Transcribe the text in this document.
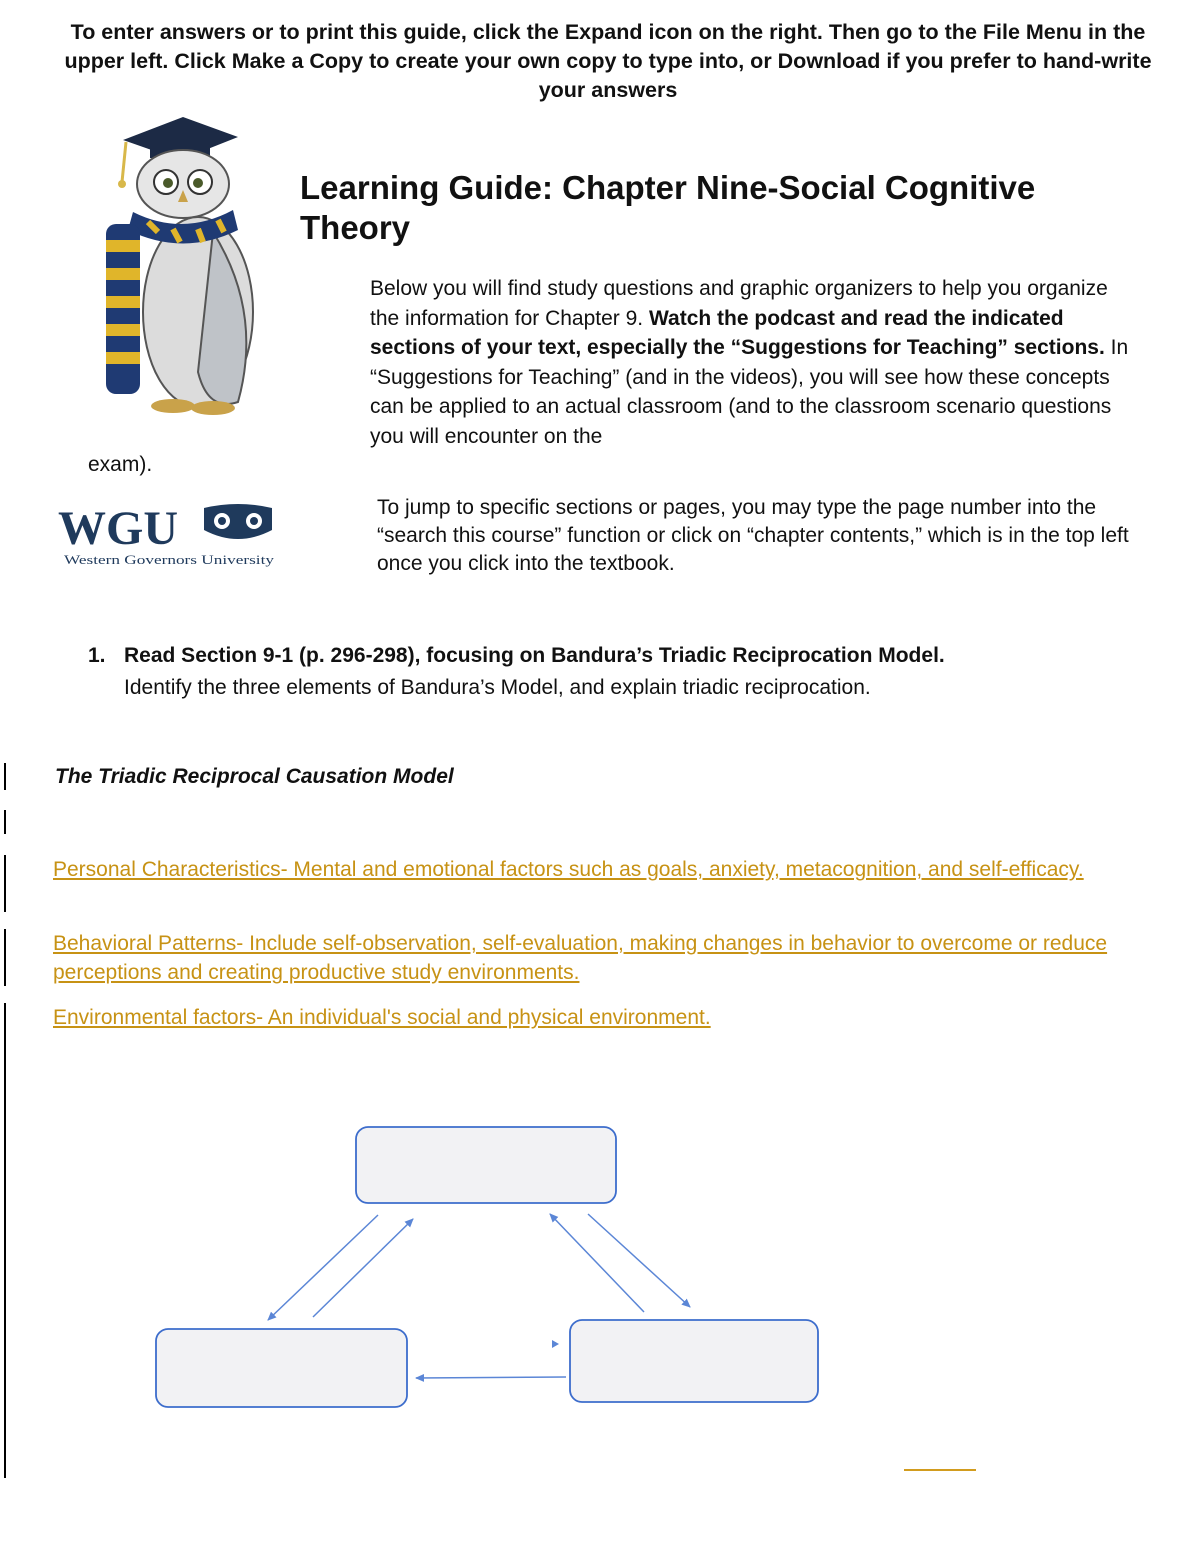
To enter answers or to print this guide, click the Expand icon on the right. Then go to the File Menu in the upper left. Click Make a Copy to create your own copy to type into, or Download if you prefer to hand-write your answers
Learning Guide: Chapter Nine-Social Cognitive Theory
Below you will find study questions and graphic organizers to help you organize the information for Chapter 9. Watch the podcast and read the indicated sections of your text, especially the “Suggestions for Teaching” sections. In “Suggestions for Teaching” (and in the videos), you will see how these concepts can be applied to an actual classroom (and to the classroom scenario questions you will encounter on the
exam).
WGU
Western Governors University
To jump to specific sections or pages, you may type the page number into the “search this course” function or click on “chapter contents,” which is in the top left once you click into the textbook.
1. Read Section 9-1 (p. 296-298), focusing on Bandura’s Triadic Reciprocation Model.
Identify the three elements of Bandura’s Model, and explain triadic reciprocation.
The Triadic Reciprocal Causation Model
Personal Characteristics- Mental and emotional factors such as goals, anxiety, metacognition, and self-efficacy.
Behavioral Patterns- Include self-observation, self-evaluation, making changes in behavior to overcome or reduce perceptions and creating productive study environments.
Environmental factors- An individual's social and physical environment.
